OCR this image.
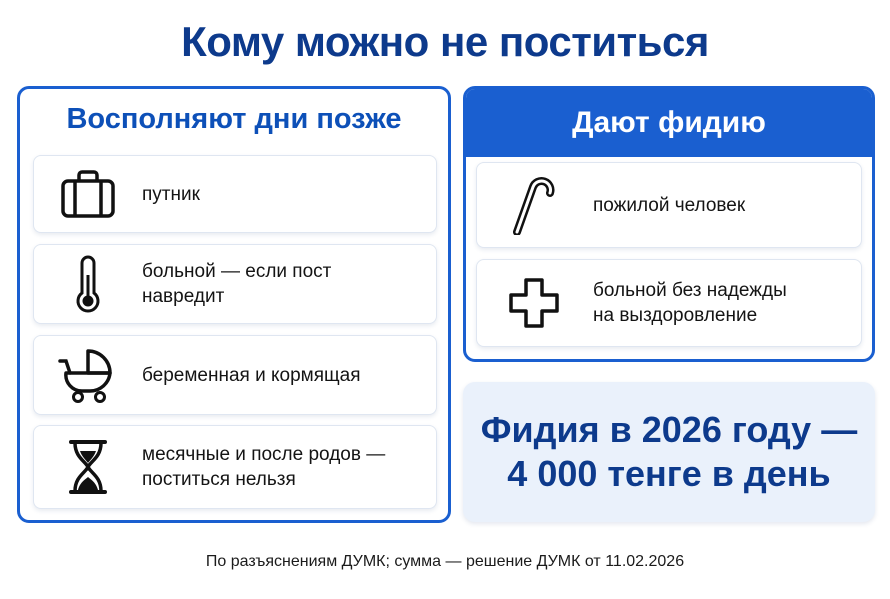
Кому можно не поститься
Восполняют дни позже
путник
больной — если пост
навредит
беременная и кормящая
месячные и после родов —
поститься нельзя
Дают фидию
пожилой человек
больной без надежды
на выздоровление
Фидия в 2026 году —
4 000 тенге в день
По разъяснениям ДУМК; сумма — решение ДУМК от 11.02.2026
